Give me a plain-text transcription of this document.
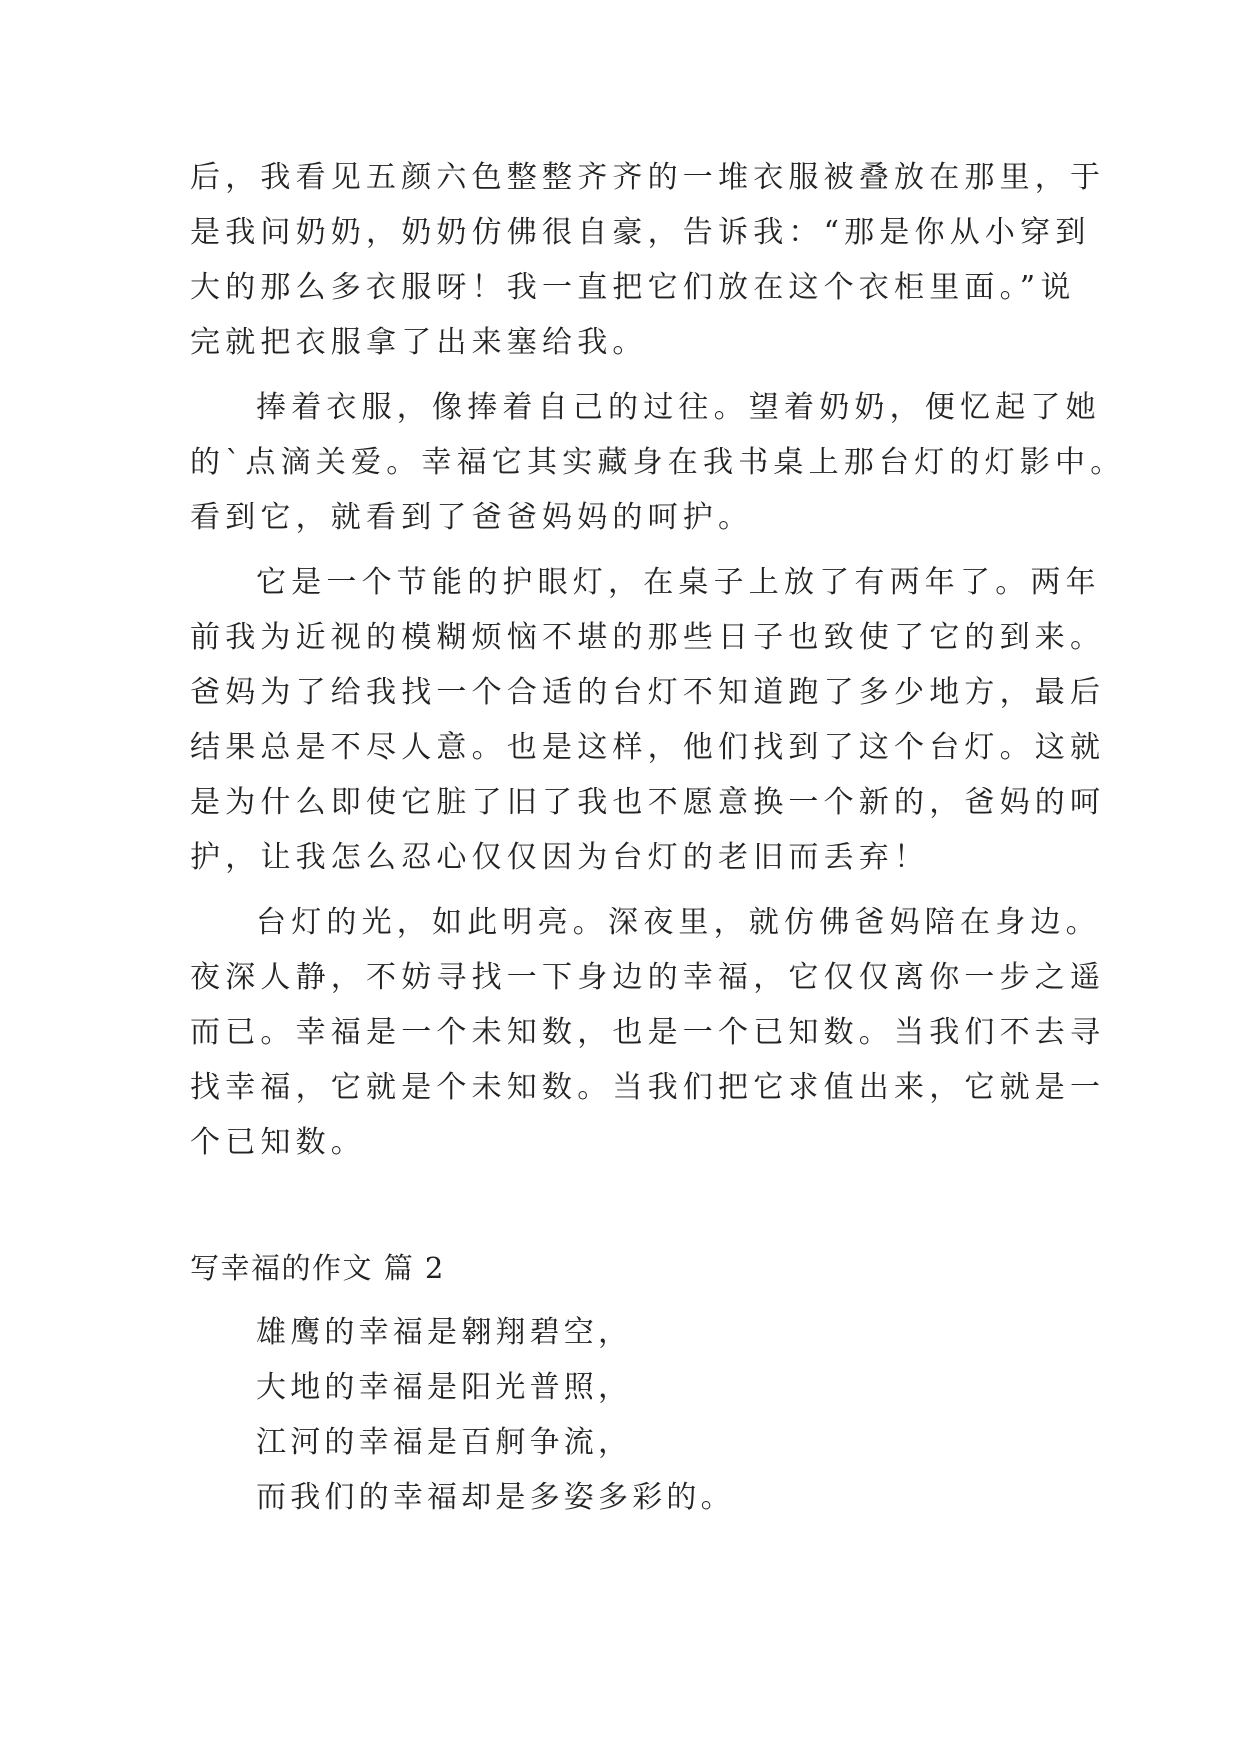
后，我看见五颜六色整整齐齐的一堆衣服被叠放在那里，于
是我问奶奶，奶奶仿佛很自豪，告诉我：“那是你从小穿到
大的那么多衣服呀！我一直把它们放在这个衣柜里面。”说
完就把衣服拿了出来塞给我。
捧着衣服，像捧着自己的过往。望着奶奶，便忆起了她
的`点滴关爱。幸福它其实藏身在我书桌上那台灯的灯影中。
看到它，就看到了爸爸妈妈的呵护。
它是一个节能的护眼灯，在桌子上放了有两年了。两年
前我为近视的模糊烦恼不堪的那些日子也致使了它的到来。
爸妈为了给我找一个合适的台灯不知道跑了多少地方，最后
结果总是不尽人意。也是这样，他们找到了这个台灯。这就
是为什么即使它脏了旧了我也不愿意换一个新的，爸妈的呵
护，让我怎么忍心仅仅因为台灯的老旧而丢弃！
台灯的光，如此明亮。深夜里，就仿佛爸妈陪在身边。
夜深人静，不妨寻找一下身边的幸福，它仅仅离你一步之遥
而已。幸福是一个未知数，也是一个已知数。当我们不去寻
找幸福，它就是个未知数。当我们把它求值出来，它就是一
个已知数。
写幸福的作文 篇 2
雄鹰的幸福是翱翔碧空，
大地的幸福是阳光普照，
江河的幸福是百舸争流，
而我们的幸福却是多姿多彩的。
